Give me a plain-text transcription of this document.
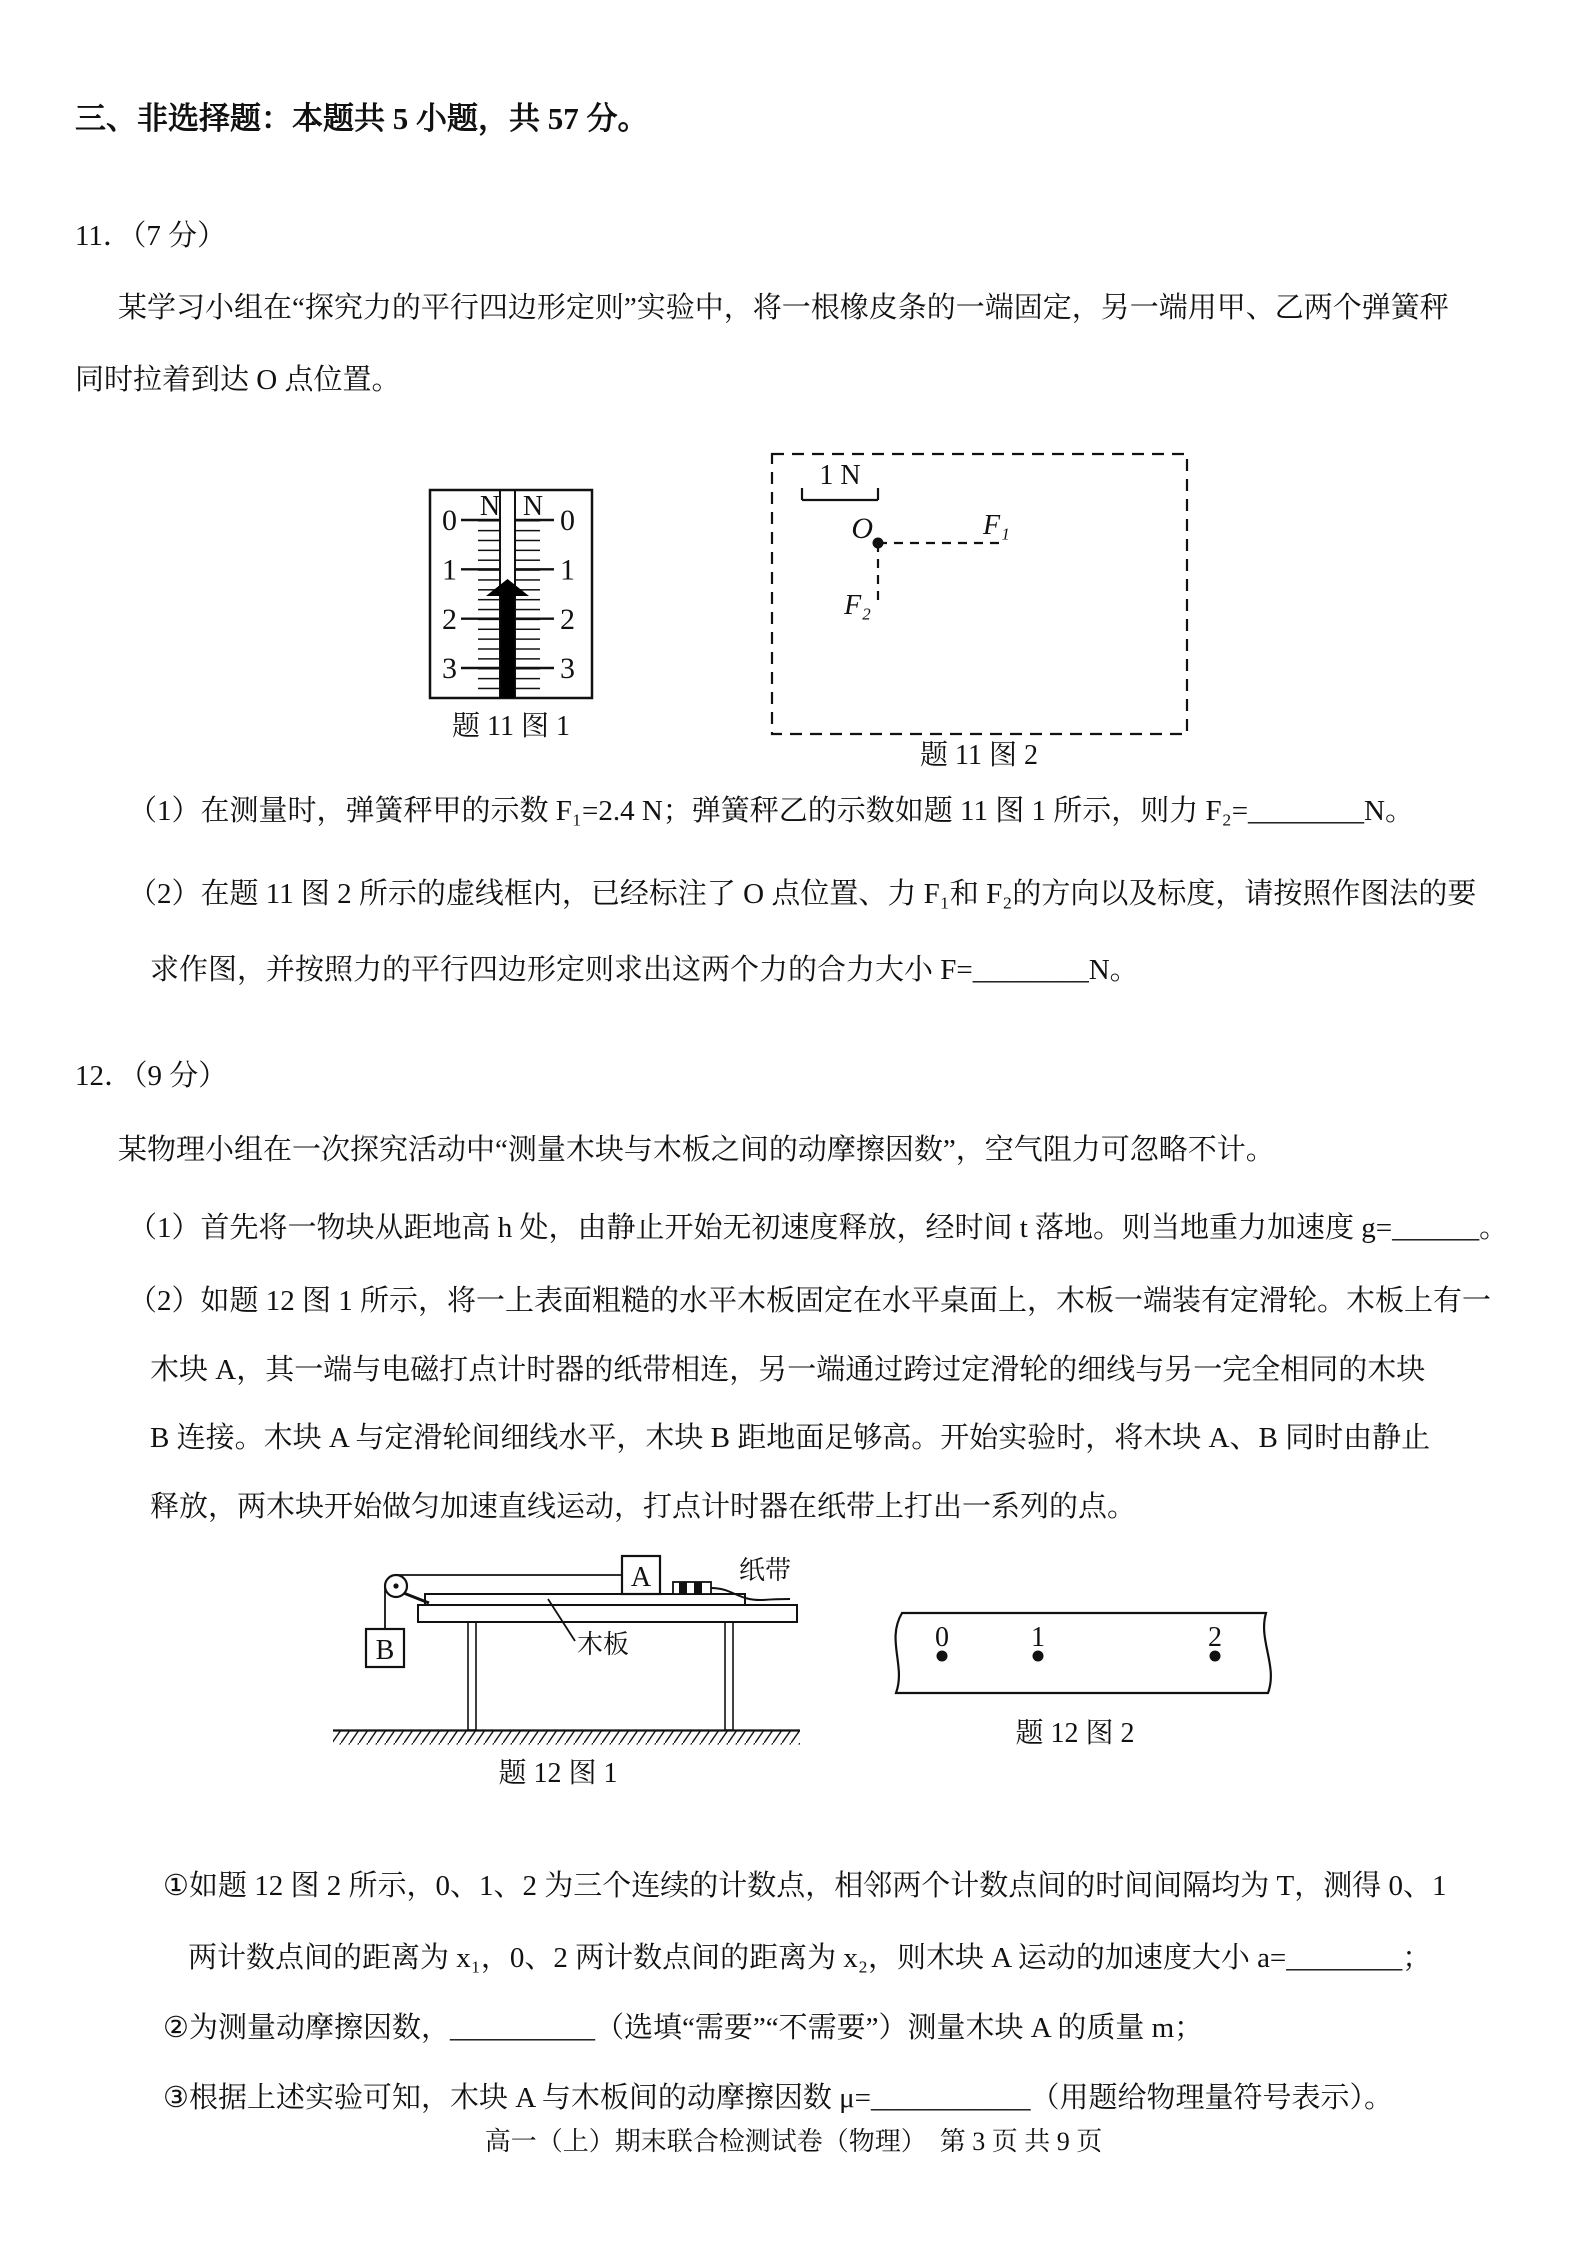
三、非选择题：本题共 5 小题，共 57 分。
11．（7 分）
某学习小组在“探究力的平行四边形定则”实验中，将一根橡皮条的一端固定，另一端用甲、乙两个弹簧秤
同时拉着到达 O 点位置。
N N
0
1
2
3
0
1
2
3
题 11 图 1
1 N
O	F₁
F₂
题 11 图 2
（1）在测量时，弹簧秤甲的示数 F₁=2.4 N；弹簧秤乙的示数如题 11 图 1 所示，则力 F₂=________N。
（2）在题 11 图 2 所示的虚线框内，已经标注了 O 点位置、力 F₁和 F₂的方向以及标度，请按照作图法的要
求作图，并按照力的平行四边形定则求出这两个力的合力大小 F=________N。
12．（9 分）
某物理小组在一次探究活动中“测量木块与木板之间的动摩擦因数”，空气阻力可忽略不计。
（1）首先将一物块从距地高 h 处，由静止开始无初速度释放，经时间 t 落地。则当地重力加速度 g=______。
（2）如题 12 图 1 所示，将一上表面粗糙的水平木板固定在水平桌面上，木板一端装有定滑轮。木板上有一
木块 A，其一端与电磁打点计时器的纸带相连，另一端通过跨过定滑轮的细线与另一完全相同的木块
B 连接。木块 A 与定滑轮间细线水平，木块 B 距地面足够高。开始实验时，将木块 A、B 同时由静止
释放，两木块开始做匀加速直线运动，打点计时器在纸带上打出一系列的点。
B
A	纸带
木板
题 12 图 1
0	1	2
题 12 图 2
①如题 12 图 2 所示，0、1、2 为三个连续的计数点，相邻两个计数点间的时间间隔均为 T，测得 0、1
两计数点间的距离为 x₁，0、2 两计数点间的距离为 x₂，则木块 A 运动的加速度大小 a=________；
②为测量动摩擦因数，__________（选填“需要”“不需要”）测量木块 A 的质量 m；
③根据上述实验可知，木块 A 与木板间的动摩擦因数 μ=___________（用题给物理量符号表示）。
高一（上）期末联合检测试卷（物理）　第 3 页 共 9 页
